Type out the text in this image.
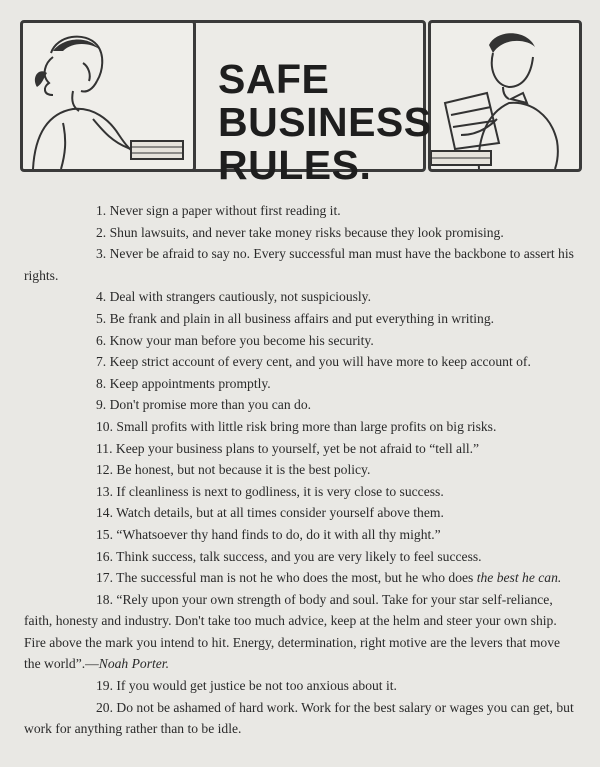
SAFE
BUSINESS
RULES.

1. Never sign a paper without first reading it.

2. Shun lawsuits, and never take money risks because they look promising.

3. Never be afraid to say no. Every successful man must have the backbone to assert his rights.

4. Deal with strangers cautiously, not suspiciously.

5. Be frank and plain in all business affairs and put everything in writing.

6. Know your man before you become his security.

7. Keep strict account of every cent, and you will have more to keep account of.

8. Keep appointments promptly.

9. Don't promise more than you can do.

10. Small profits with little risk bring more than large profits on big risks.

11. Keep your business plans to yourself, yet be not afraid to “tell all.”

12. Be honest, but not because it is the best policy.

13. If cleanliness is next to godliness, it is very close to success.

14. Watch details, but at all times consider yourself above them.

15. “Whatsoever thy hand finds to do, do it with all thy might.”

16. Think success, talk success, and you are very likely to feel success.

17. The successful man is not he who does the most, but he who does the best he can.

18. “Rely upon your own strength of body and soul. Take for your star self-reliance, faith, honesty and industry. Don't take too much advice, keep at the helm and steer your own ship. Fire above the mark you intend to hit. Energy, determination, right motive are the levers that move the world”.—Noah Porter.

19. If you would get justice be not too anxious about it.

20. Do not be ashamed of hard work. Work for the best salary or wages you can get, but work for anything rather than to be idle.
